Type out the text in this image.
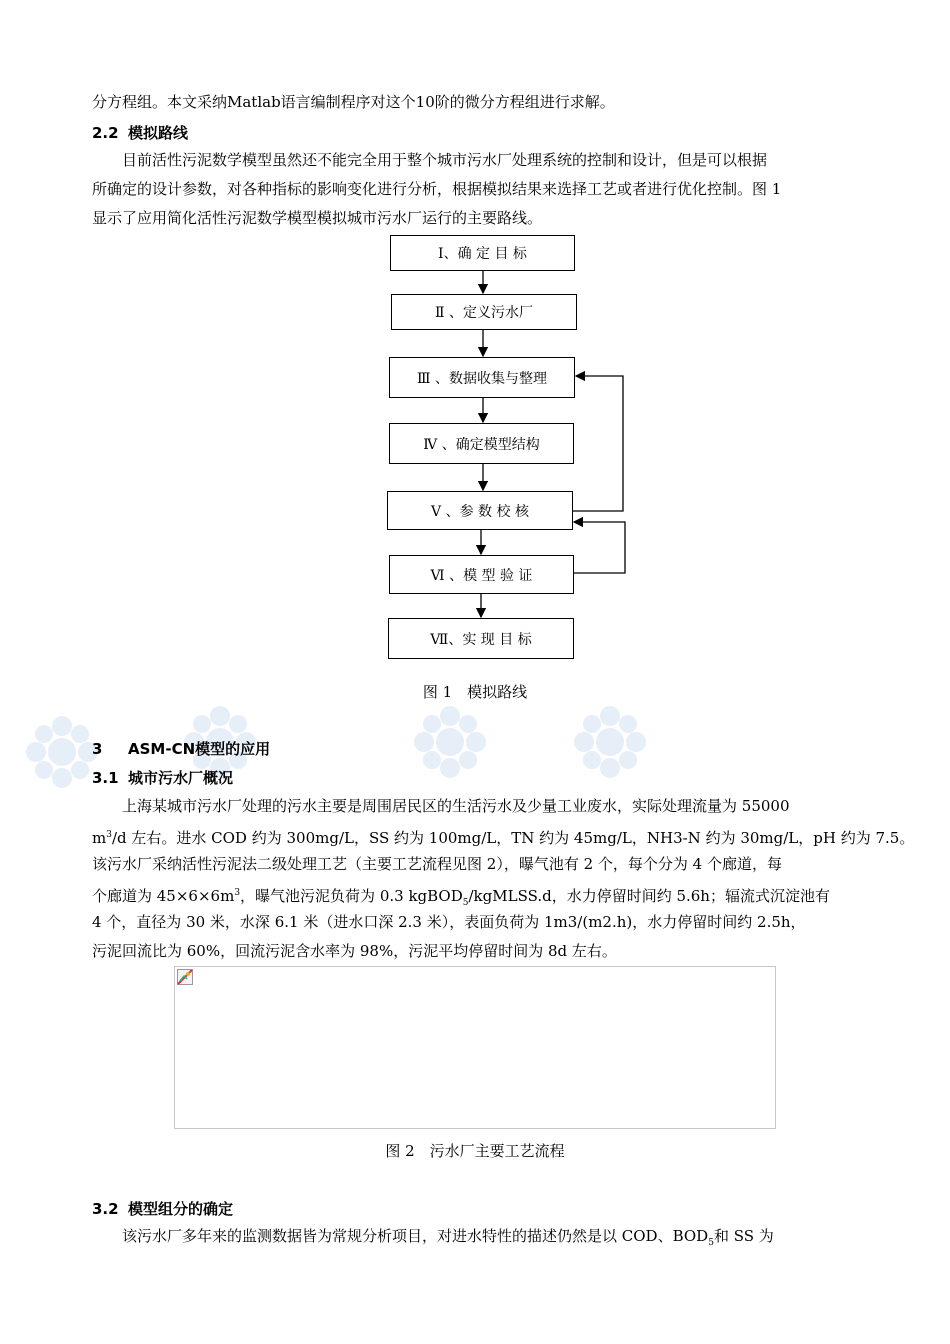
分方程组。本文采纳Matlab语言编制程序对这个10阶的微分方程组进行求解。
2.2 模拟路线
目前活性污泥数学模型虽然还不能完全用于整个城市污水厂处理系统的控制和设计，但是可以根据
所确定的设计参数，对各种指标的影响变化进行分析，根据模拟结果来选择工艺或者进行优化控制。图 1
显示了应用简化活性污泥数学模型模拟城市污水厂运行的主要路线。
Ⅰ、确 定 目 标
Ⅱ 、定义污水厂
Ⅲ 、数据收集与整理
Ⅳ 、确定模型结构
Ⅴ 、参 数 校 核
Ⅵ 、模 型 验 证
Ⅶ、实 现 目 标
图 1　模拟路线
3 ASM-CN模型的应用
3.1 城市污水厂概况
上海某城市污水厂处理的污水主要是周围居民区的生活污水及少量工业废水，实际处理流量为 55000
$m^3/d$ 左右。进水 COD 约为 300mg/L，SS 约为 100mg/L，TN 约为 45mg/L，NH3-N 约为 30mg/L，pH 约为 7.5。
该污水厂采纳活性污泥法二级处理工艺（主要工艺流程见图 2），曝气池有 2 个，每个分为 4 个廊道，每
个廊道为 $45\times 6\times 6m^3$，曝气池污泥负荷为 0.3 kgBOD$_5$/kgMLSS.d，水力停留时间约 5.6h；辐流式沉淀池有
4 个，直径为 30 米，水深 6.1 米（进水口深 2.3 米），表面负荷为 1m3/(m2.h)，水力停留时间约 2.5h，
污泥回流比为 60%，回流污泥含水率为 98%，污泥平均停留时间为 8d 左右。
图 2　污水厂主要工艺流程
3.2 模型组分的确定
该污水厂多年来的监测数据皆为常规分析项目，对进水特性的描述仍然是以 COD、$BOD_5$和 SS 为
